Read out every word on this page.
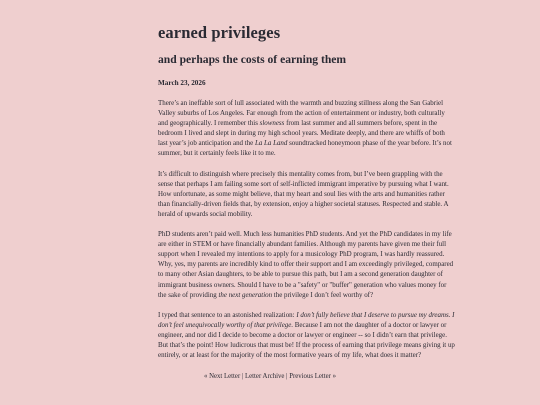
earned privileges
and perhaps the costs of earning them
March 23, 2026

There’s an ineffable sort of lull associated with the warmth and buzzing stillness along the San Gabriel Valley suburbs of Los Angeles. Far enough from the action of entertainment or industry, both culturally and geographically. I remember this slowness from last summer and all summers before, spent in the bedroom I lived and slept in during my high school years. Meditate deeply, and there are whiffs of both last year’s job anticipation and the La La Land soundtracked honeymoon phase of the year before. It’s not summer, but it certainly feels like it to me.

It’s difficult to distinguish where precisely this mentality comes from, but I’ve been grappling with the sense that perhaps I am failing some sort of self-inflicted immigrant imperative by pursuing what I want. How unfortunate, as some might believe, that my heart and soul lies with the arts and humanities rather than financially-driven fields that, by extension, enjoy a higher societal statuses. Respected and stable. A herald of upwards social mobility.

PhD students aren’t paid well. Much less humanities PhD students. And yet the PhD candidates in my life are either in STEM or have financially abundant families. Although my parents have given me their full support when I revealed my intentions to apply for a musicology PhD program, I was hardly reassured. Why, yes, my parents are incredibly kind to offer their support and I am exceedingly privileged, compared to many other Asian daughters, to be able to pursue this path, but I am a second generation daughter of immigrant business owners. Should I have to be a "safety" or "buffer" generation who values money for the sake of providing the next generation the privilege I don’t feel worthy of?

I typed that sentence to an astonished realization: I don’t fully believe that I deserve to pursue my dreams. I don’t feel unequivocally worthy of that privilege. Because I am not the daughter of a doctor or lawyer or engineer, and nor did I decide to become a doctor or lawyer or engineer -- so I didn’t earn that privilege. But that’s the point! How ludicrous that must be! If the process of earning that privilege means giving it up entirely, or at least for the majority of the most formative years of my life, what does it matter?

« Next Letter | Letter Archive | Previous Letter »
